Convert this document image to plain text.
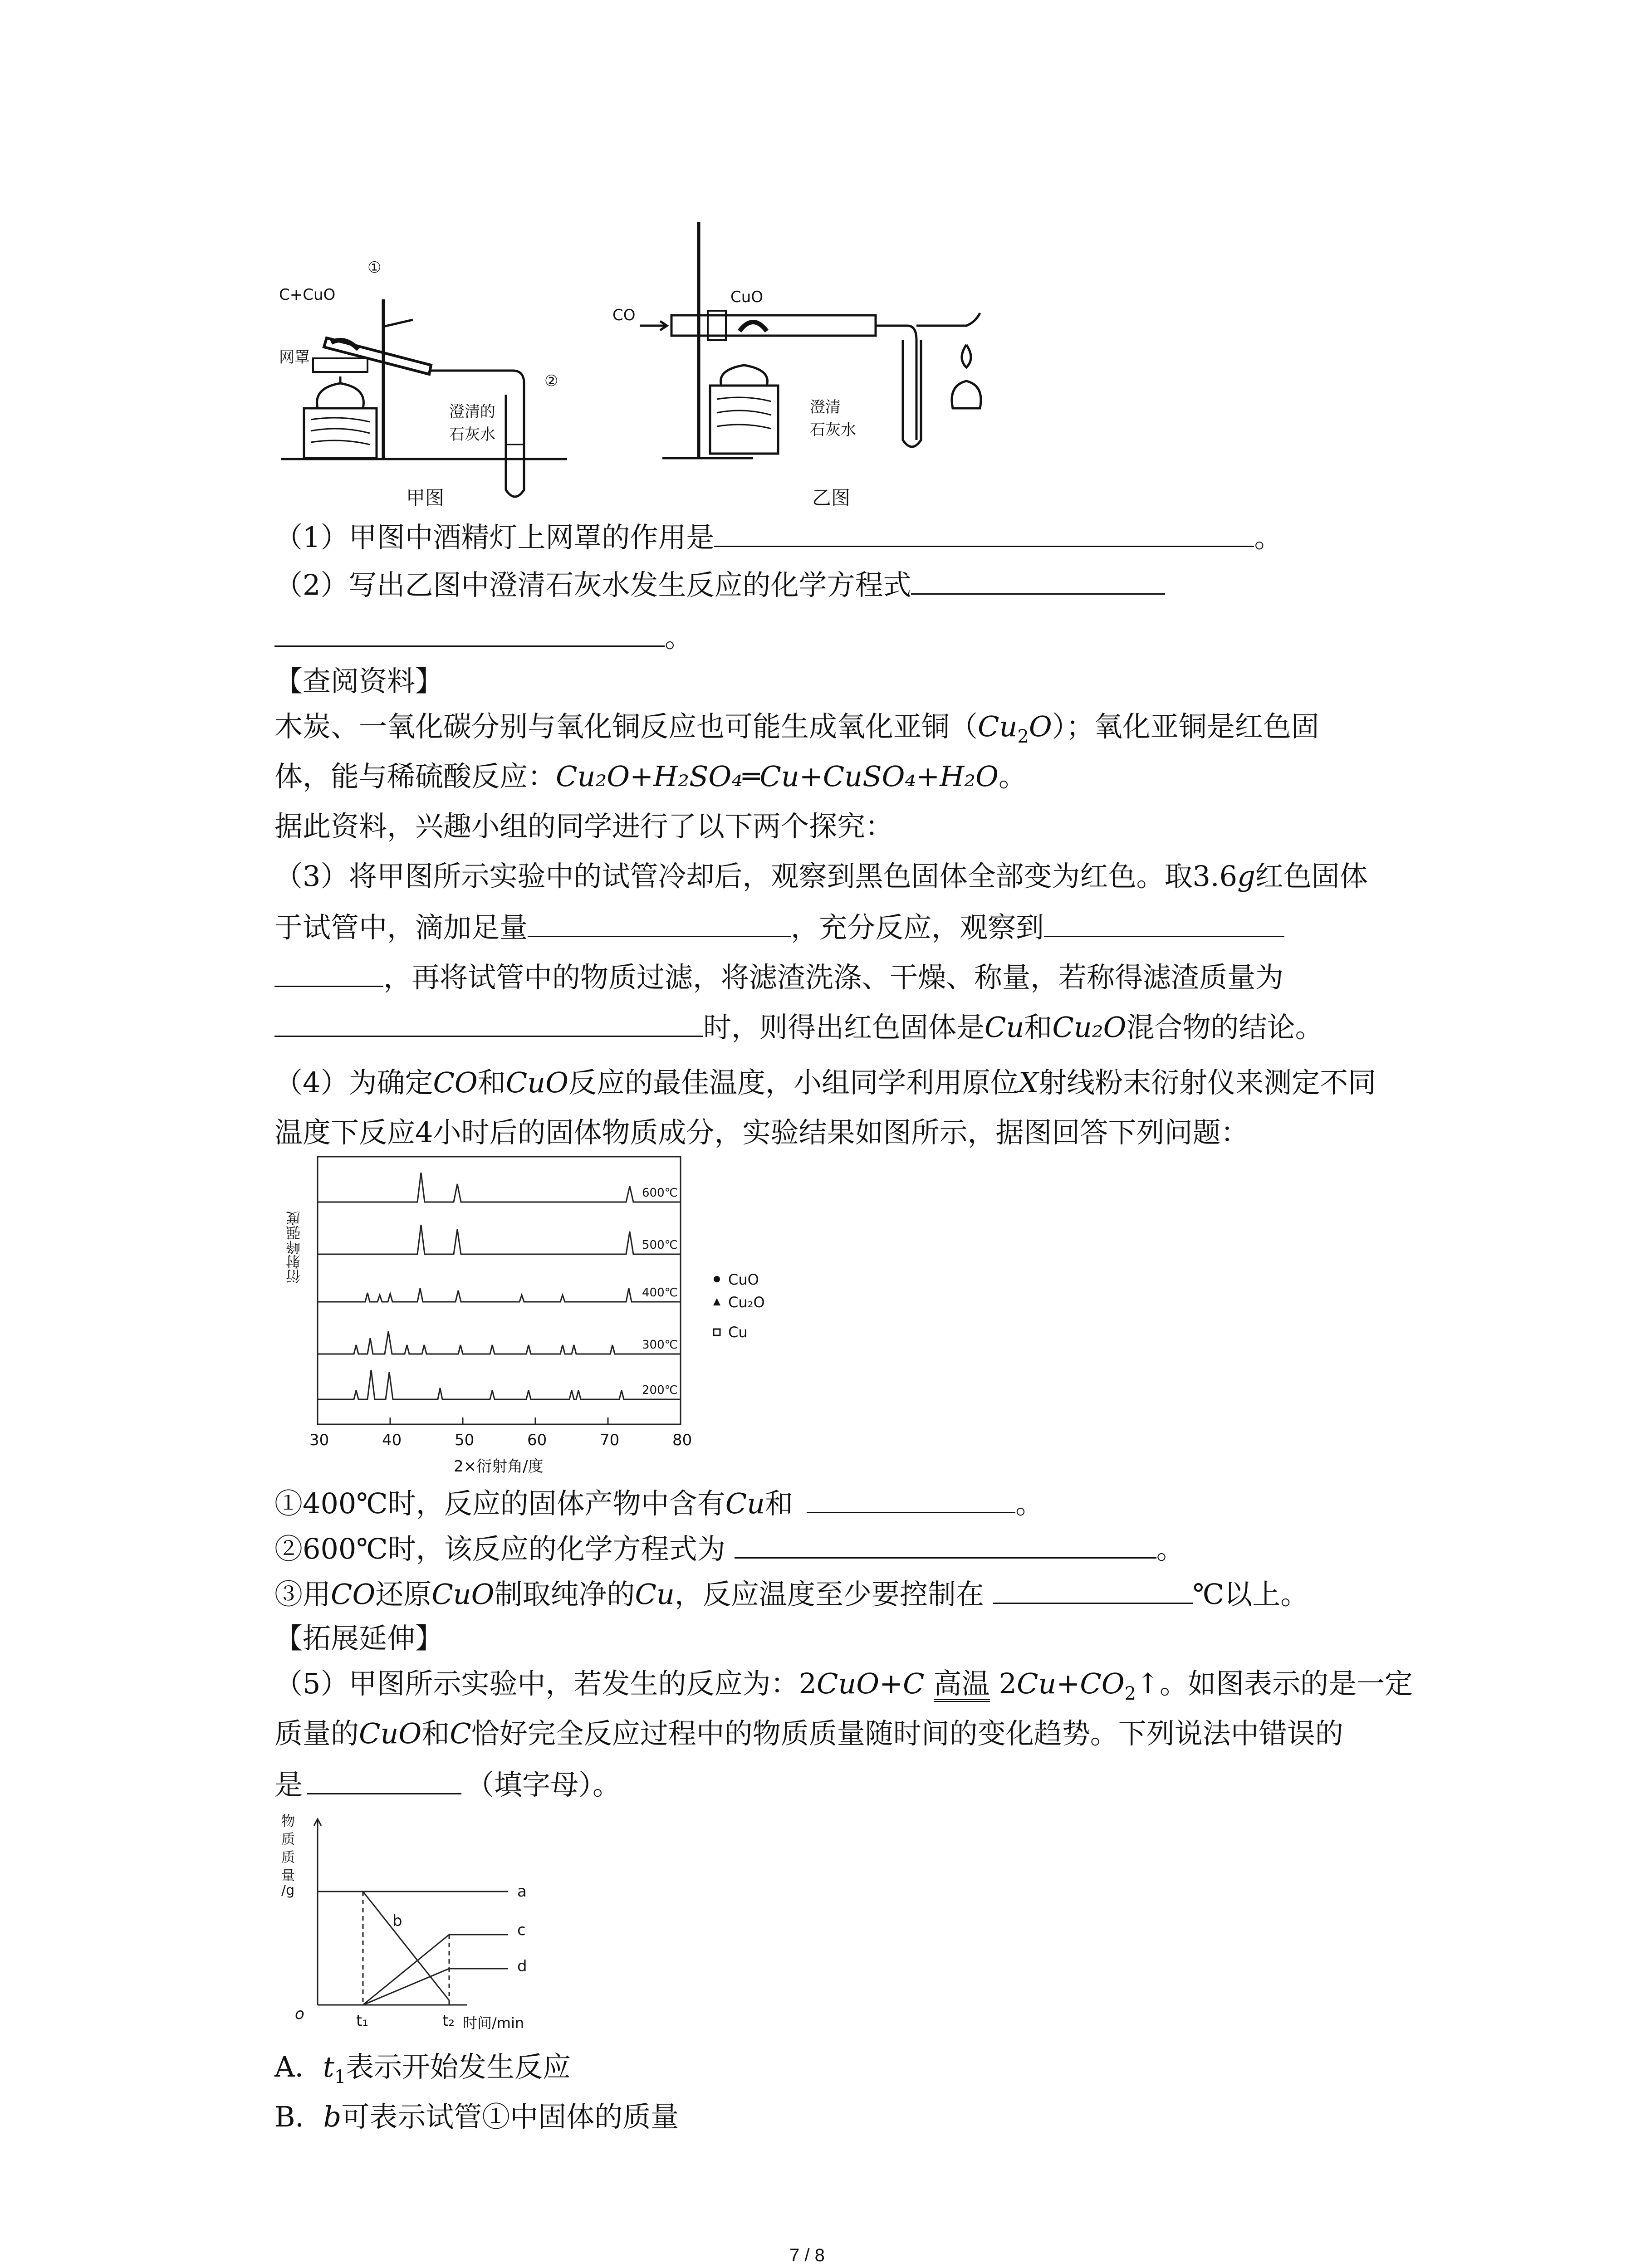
C+CuO
网罩
①
②
澄清的
石灰水
甲图
CO
CuO
澄清
石灰水
乙图
（1）甲图中酒精灯上网罩的作用是	。
（2）写出乙图中澄清石灰水发生反应的化学方程式
。
【查阅资料】
木炭、一氧化碳分别与氧化铜反应也可能生成氧化亚铜$(Cu_2O)$；氧化亚铜是红色固
体，能与稀硫酸反应：Cu₂O+H₂SO₄═Cu+CuSO₄+H₂O。
据此资料，兴趣小组的同学进行了以下两个探究：
（3）将甲图所示实验中的试管冷却后，观察到黑色固体全部变为红色。取3.6g红色固体
于试管中，滴加足量	，充分反应，观察到
，再将试管中的物质过滤，将滤渣洗涤、干燥、称量，若称得滤渣质量为
时，则得出红色固体是Cu和Cu₂O混合物的结论。
（4）为确定CO和CuO反应的最佳温度，小组同学利用原位X射线粉末衍射仪来测定不同
温度下反应4小时后的固体物质成分，实验结果如图所示，据图回答下列问题：
衍射峰强度
30	40	50	60	70	80
2×衍射角/度
600℃
500℃
400℃
300℃
200℃
CuO
Cu₂O
Cu
①400℃时，反应的固体产物中含有Cu和	。
②600℃时，该反应的化学方程式为	。
③用CO还原CuO制取纯净的Cu，反应温度至少要控制在	℃以上。
【拓展延伸】
（5）甲图所示实验中，若发生的反应为：2CuO+C 高温 $2Cu+CO_2↑$。如图表示的是一定
质量的CuO和C恰好完全反应过程中的物质质量随时间的变化趋势。下列说法中错误的
是	（填字母）。
物
质
质
量
/g
o	t₁	t₂ 时间/min
a
b	c
d
A．$t_1$表示开始发生反应
B．b可表示试管①中固体的质量
7 / 8
